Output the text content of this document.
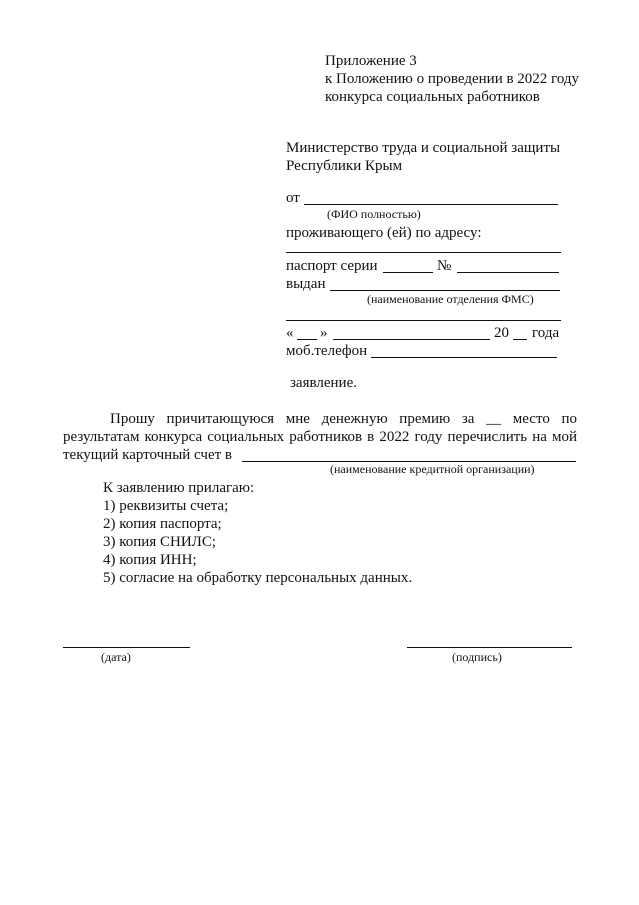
Приложение 3
к Положению о проведении в 2022 году
конкурса социальных работников
Министерство труда и социальной защиты
Республики Крым
от
(ФИО полностью)
проживающего (ей) по адресу:
паспорт серии	№
выдан
(наименование отделения ФМС)
« »	20 года
моб.телефон
заявление.
Прошу причитающуюся мне денежную премию за __ место по
результатам конкурса социальных работников в 2022 году перечислить на мой
текущий карточный счет в
(наименование кредитной организации)
К заявлению прилагаю:
1) реквизиты счета;
2) копия паспорта;
3) копия СНИЛС;
4) копия ИНН;
5) согласие на обработку персональных данных.
(дата)	(подпись)
